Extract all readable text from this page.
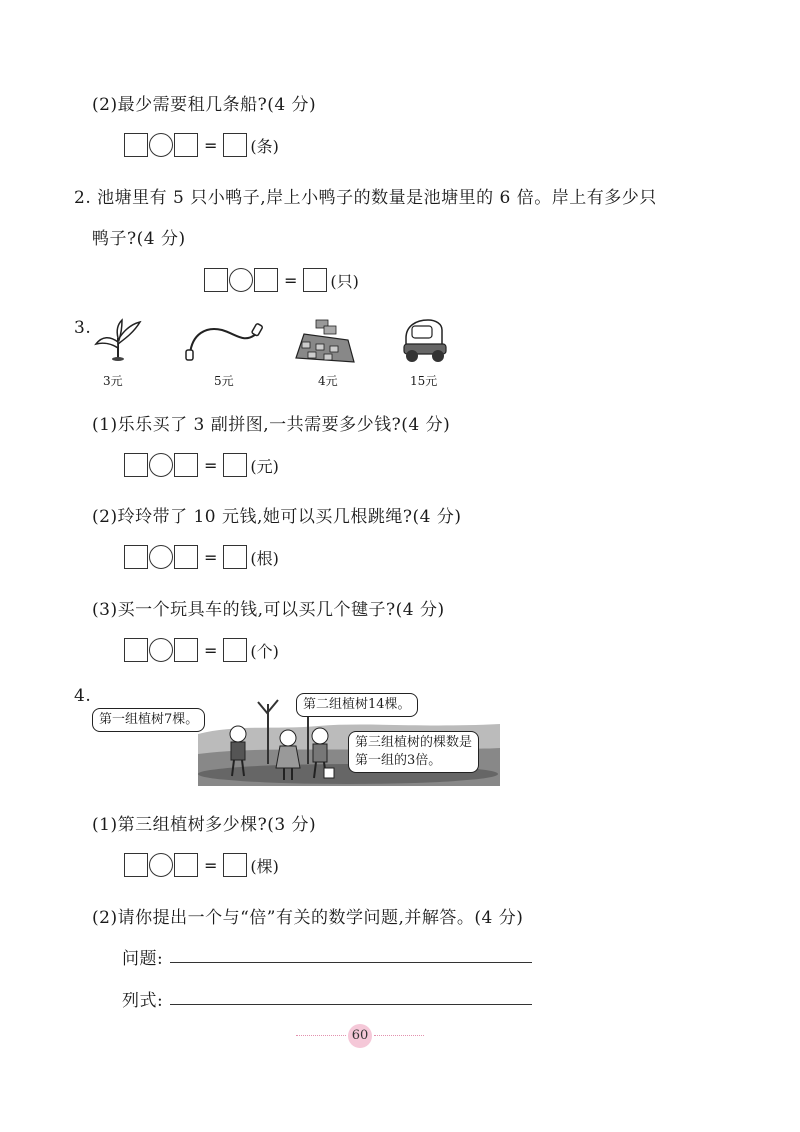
(2)最少需要租几条船?(4 分)
= (条)
2. 池塘里有 5 只小鸭子,岸上小鸭子的数量是池塘里的 6 倍。岸上有多少只
鸭子?(4 分)
= (只)
3.
3元	5元	4元	15元
(1)乐乐买了 3 副拼图,一共需要多少钱?(4 分)
= (元)
(2)玲玲带了 10 元钱,她可以买几根跳绳?(4 分)
= (根)
(3)买一个玩具车的钱,可以买几个毽子?(4 分)
= (个)
4.
第一组植树7棵。
第二组植树14棵。
第三组植树的棵数是
第一组的3倍。
(1)第三组植树多少棵?(3 分)
= (棵)
(2)请你提出一个与“倍”有关的数学问题,并解答。(4 分)
问题:
列式:
60
